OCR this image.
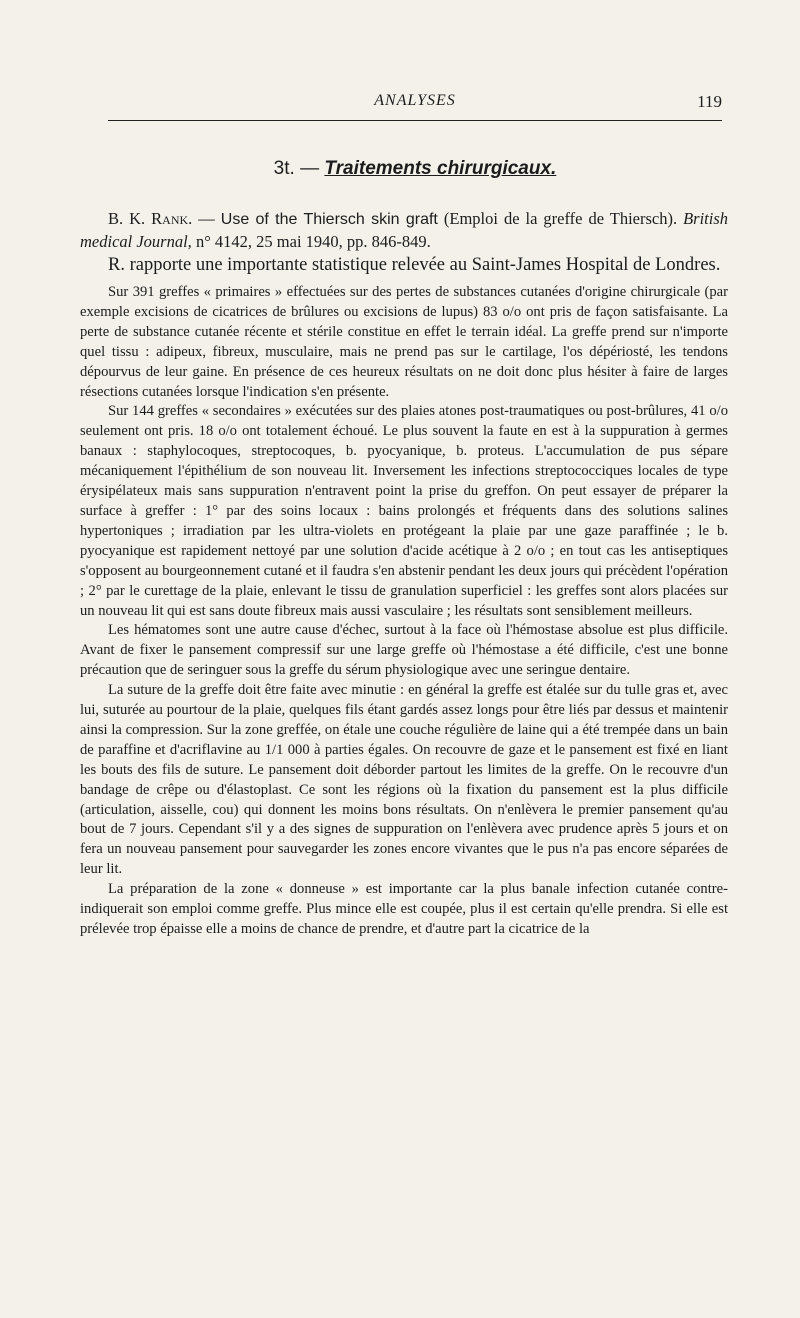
ANALYSES	119
3t. — Traitements chirurgicaux.

B. K. Rank. — Use of the Thiersch skin graft (Emploi de la greffe de Thiersch). British medical Journal, n° 4142, 25 mai 1940, pp. 846-849.

R. rapporte une importante statistique relevée au Saint-James Hospital de Londres.

Sur 391 greffes « primaires » effectuées sur des pertes de substances cutanées d'origine chirurgicale (par exemple excisions de cicatrices de brûlures ou excisions de lupus) 83 o/o ont pris de façon satisfaisante. La perte de substance cutanée récente et stérile constitue en effet le terrain idéal. La greffe prend sur n'importe quel tissu : adipeux, fibreux, musculaire, mais ne prend pas sur le cartilage, l'os dépériosté, les tendons dépourvus de leur gaine. En présence de ces heureux résultats on ne doit donc plus hésiter à faire de larges résections cutanées lorsque l'indication s'en présente.

Sur 144 greffes « secondaires » exécutées sur des plaies atones post-traumatiques ou post-brûlures, 41 o/o seulement ont pris. 18 o/o ont totalement échoué. Le plus souvent la faute en est à la suppuration à germes banaux : staphylocoques, streptocoques, b. pyocyanique, b. proteus. L'accumulation de pus sépare mécaniquement l'épithélium de son nouveau lit. Inversement les infections streptococciques locales de type érysipélateux mais sans suppuration n'entravent point la prise du greffon. On peut essayer de préparer la surface à greffer : 1° par des soins locaux : bains prolongés et fréquents dans des solutions salines hypertoniques ; irradiation par les ultra-violets en protégeant la plaie par une gaze paraffinée ; le b. pyocyanique est rapidement nettoyé par une solution d'acide acétique à 2 o/o ; en tout cas les antiseptiques s'opposent au bourgeonnement cutané et il faudra s'en abstenir pendant les deux jours qui précèdent l'opération ; 2° par le curettage de la plaie, enlevant le tissu de granulation superficiel : les greffes sont alors placées sur un nouveau lit qui est sans doute fibreux mais aussi vasculaire ; les résultats sont sensiblement meilleurs.

Les hématomes sont une autre cause d'échec, surtout à la face où l'hémostase absolue est plus difficile. Avant de fixer le pansement compressif sur une large greffe où l'hémostase a été difficile, c'est une bonne précaution que de seringuer sous la greffe du sérum physiologique avec une seringue dentaire.

La suture de la greffe doit être faite avec minutie : en général la greffe est étalée sur du tulle gras et, avec lui, suturée au pourtour de la plaie, quelques fils étant gardés assez longs pour être liés par dessus et maintenir ainsi la compression. Sur la zone greffée, on étale une couche régulière de laine qui a été trempée dans un bain de paraffine et d'acriflavine au 1/1 000 à parties égales. On recouvre de gaze et le pansement est fixé en liant les bouts des fils de suture. Le pansement doit déborder partout les limites de la greffe. On le recouvre d'un bandage de crêpe ou d'élastoplast. Ce sont les régions où la fixation du pansement est la plus difficile (articulation, aisselle, cou) qui donnent les moins bons résultats. On n'enlèvera le premier pansement qu'au bout de 7 jours. Cependant s'il y a des signes de suppuration on l'enlèvera avec prudence après 5 jours et on fera un nouveau pansement pour sauvegarder les zones encore vivantes que le pus n'a pas encore séparées de leur lit.

La préparation de la zone « donneuse » est importante car la plus banale infection cutanée contre-indiquerait son emploi comme greffe. Plus mince elle est coupée, plus il est certain qu'elle prendra. Si elle est prélevée trop épaisse elle a moins de chance de prendre, et d'autre part la cicatrice de la
